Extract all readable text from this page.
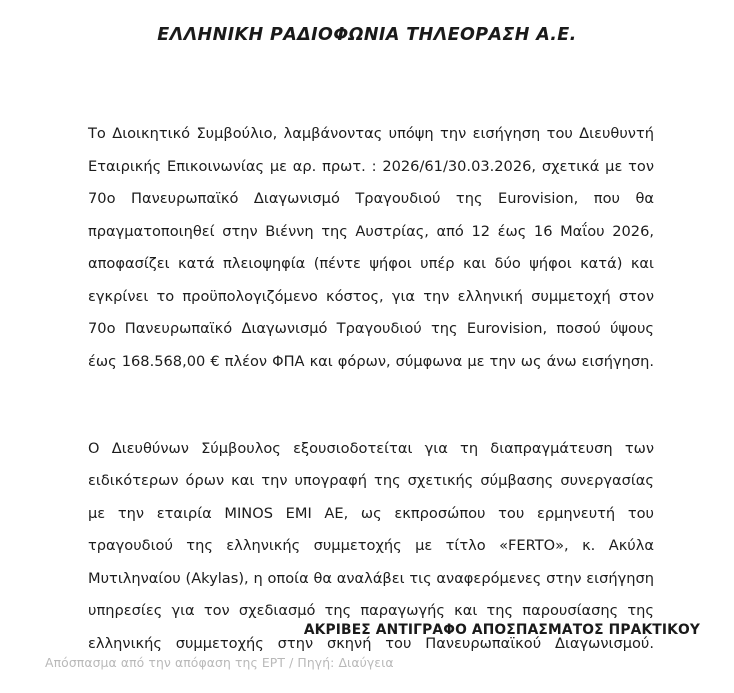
ΕΛΛΗΝΙΚΗ ΡΑΔΙΟΦΩΝΙΑ ΤΗΛΕΟΡΑΣΗ Α.Ε.

Το Διοικητικό Συμβούλιο, λαμβάνοντας υπόψη την εισήγηση του Διευθυντή Εταιρικής Επικοινωνίας με αρ. πρωτ. : 2026/61/30.03.2026, σχετικά με τον 70ο Πανευρωπαϊκό Διαγωνισμό Τραγουδιού της Eurovision, που θα πραγματοποιηθεί στην Βιέννη της Αυστρίας, από 12 έως 16 Μαΐου 2026, αποφασίζει κατά πλειοψηφία (πέντε ψήφοι υπέρ και δύο ψήφοι κατά) και εγκρίνει το προϋπολογιζόμενο κόστος, για την ελληνική συμμετοχή στον 70ο Πανευρωπαϊκό Διαγωνισμό Τραγουδιού της Eurovision, ποσού ύψους έως 168.568,00 € πλέον ΦΠΑ και φόρων, σύμφωνα με την ως άνω εισήγηση.

Ο Διευθύνων Σύμβουλος εξουσιοδοτείται για τη διαπραγμάτευση των ειδικότερων όρων και την υπογραφή της σχετικής σύμβασης συνεργασίας με την εταιρία MINOS EMI ΑΕ, ως εκπροσώπου του ερμηνευτή του τραγουδιού της ελληνικής συμμετοχής με τίτλο «FERTO», κ. Ακύλα Μυτιληναίου (Akylas), η οποία θα αναλάβει τις αναφερόμενες στην εισήγηση υπηρεσίες για τον σχεδιασμό της παραγωγής και της παρουσίασης της ελληνικής συμμετοχής στην σκηνή του Πανευρωπαϊκού Διαγωνισμού.

ΑΚΡΙΒΕΣ ΑΝΤΙΓΡΑΦΟ ΑΠΟΣΠΑΣΜΑΤΟΣ ΠΡΑΚΤΙΚΟΥ
Απόσπασμα από την απόφαση της ΕΡΤ / Πηγή: Διαύγεια
